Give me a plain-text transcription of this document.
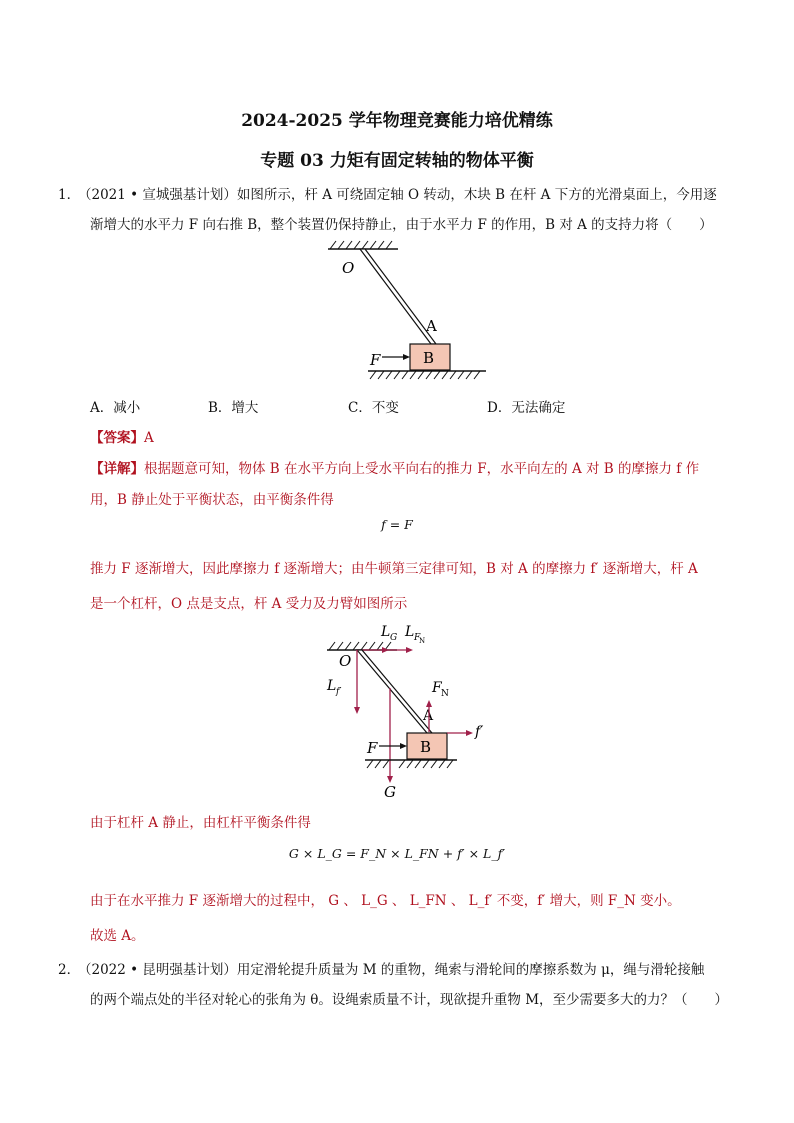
2024-2025 学年物理竞赛能力培优精练
专题 03 力矩有固定转轴的物体平衡
1．
（2021 • 宣城强基计划）如图所示，杆 A 可绕固定轴 O 转动，木块 B 在杆 A 下方的光滑桌面上，今用逐
渐增大的水平力 F 向右推 B，整个装置仍保持静止，由于水平力 F 的作用，B 对 A 的支持力将（　　）
O
A
B
F
A．减小	B．增大	C．不变	D．无法确定
【答案】A
【详解】根据题意可知，物体 B 在水平方向上受水平向右的推力 F，水平向左的 A 对 B 的摩擦力 f 作
用，B 静止处于平衡状态，由平衡条件得
f = F
推力 F 逐渐增大，因此摩擦力 f 逐渐增大；由牛顿第三定律可知，B 对 A 的摩擦力 f′ 逐渐增大，杆 A
是一个杠杆，O 点是支点，杆 A 受力及力臂如图所示
L G L F
N
O
A
L f′	F N
G
B
f′
F
由于杠杆 A 静止，由杠杆平衡条件得
G × L_G = F_N × L_FN + f′ × L_f′
由于在水平推力 F 逐渐增大的过程中， G 、 L_G 、 L_FN 、 L_f′ 不变，f′ 增大，则 F_N 变小。
故选 A。
2．
（2022 • 昆明强基计划）用定滑轮提升质量为 M 的重物，绳索与滑轮间的摩擦系数为 μ，绳与滑轮接触
的两个端点处的半径对轮心的张角为 θ。设绳索质量不计，现欲提升重物 M，至少需要多大的力？（　　）
